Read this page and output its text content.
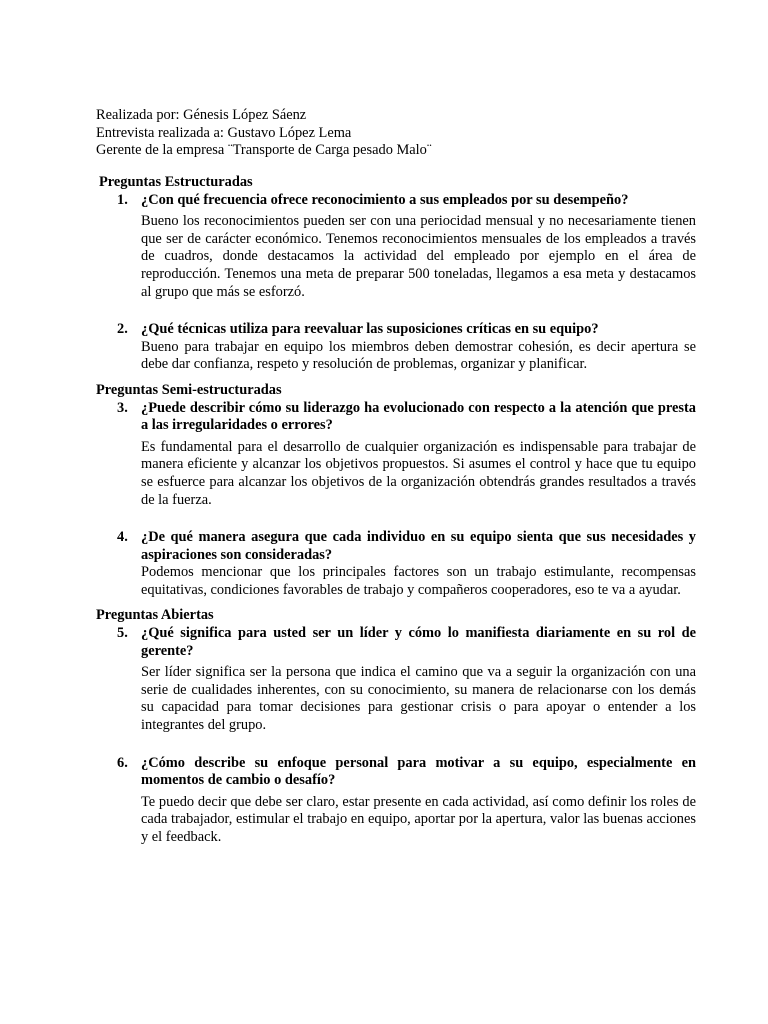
Realizada por: Génesis López Sáenz
Entrevista realizada a: Gustavo López Lema
Gerente de la empresa ¨Transporte de Carga pesado Malo¨
Preguntas Estructuradas
1. ¿Con qué frecuencia ofrece reconocimiento a sus empleados por su desempeño?
Bueno los reconocimientos pueden ser con una periocidad mensual y no necesariamente tienen que ser de carácter económico. Tenemos reconocimientos mensuales de los empleados a través de cuadros, donde destacamos la actividad del empleado por ejemplo en el área de reproducción. Tenemos una meta de preparar 500 toneladas, llegamos a esa meta y destacamos al grupo que más se esforzó.
2. ¿Qué técnicas utiliza para reevaluar las suposiciones críticas en su equipo?
Bueno para trabajar en equipo los miembros deben demostrar cohesión, es decir apertura se debe dar confianza, respeto y resolución de problemas, organizar y planificar.
Preguntas Semi-estructuradas
3. ¿Puede describir cómo su liderazgo ha evolucionado con respecto a la atención que presta a las irregularidades o errores?
Es fundamental para el desarrollo de cualquier organización es indispensable para trabajar de manera eficiente y alcanzar los objetivos propuestos. Si asumes el control y hace que tu equipo se esfuerce para alcanzar los objetivos de la organización obtendrás grandes resultados a través de la fuerza.
4. ¿De qué manera asegura que cada individuo en su equipo sienta que sus necesidades y aspiraciones son consideradas?
Podemos mencionar que los principales factores son un trabajo estimulante, recompensas equitativas, condiciones favorables de trabajo y compañeros cooperadores, eso te va a ayudar.
Preguntas Abiertas
5. ¿Qué significa para usted ser un líder y cómo lo manifiesta diariamente en su rol de gerente?
Ser líder significa ser la persona que indica el camino que va a seguir la organización con una serie de cualidades inherentes, con su conocimiento, su manera de relacionarse con los demás su capacidad para tomar decisiones para gestionar crisis o para apoyar o entender a los integrantes del grupo.
6. ¿Cómo describe su enfoque personal para motivar a su equipo, especialmente en momentos de cambio o desafío?
Te puedo decir que debe ser claro, estar presente en cada actividad, así como definir los roles de cada trabajador, estimular el trabajo en equipo, aportar por la apertura, valor las buenas acciones y el feedback.
